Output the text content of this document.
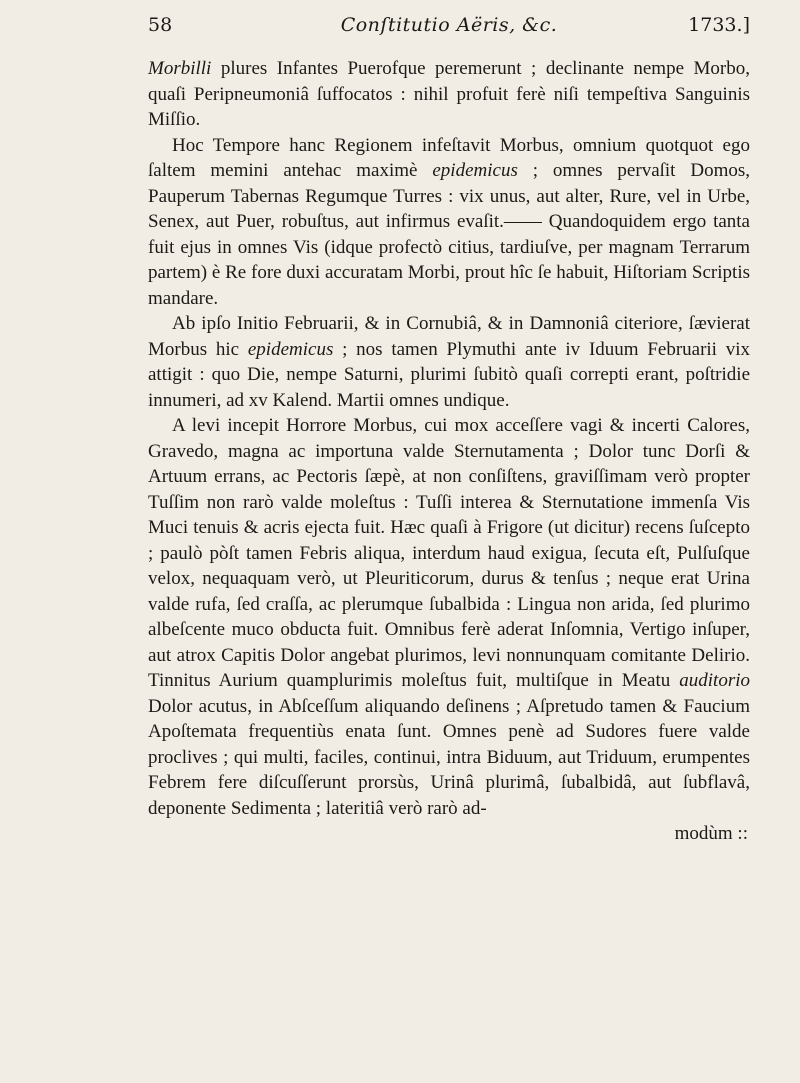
58	Conſtitutio Aëris, &c.	1733.]

Morbilli plures Infantes Puerofque peremerunt ; declinante nempe Morbo, quaſi Peripneumoniâ ſuffocatos : nihil profuit ferè niſi tempeſtiva Sanguinis Miſſio.

Hoc Tempore hanc Regionem infeſtavit Morbus, omnium quotquot ego ſaltem memini antehac maximè epidemicus ; omnes pervaſit Domos, Pauperum Tabernas Regumque Turres : vix unus, aut alter, Rure, vel in Urbe, Senex, aut Puer, robuſtus, aut infirmus evaſit.—— Quandoquidem ergo tanta fuit ejus in omnes Vis (idque profectò citius, tardiuſve, per magnam Terrarum partem) è Re fore duxi accuratam Morbi, prout hîc ſe habuit, Hiſtoriam Scriptis mandare.

Ab ipſo Initio Februarii, & in Cornubiâ, & in Damnoniâ citeriore, ſævierat Morbus hic epidemicus ; nos tamen Plymuthi ante iv Iduum Februarii vix attigit : quo Die, nempe Saturni, plurimi ſubitò quaſi correpti erant, poſtridie innumeri, ad xv Kalend. Martii omnes undique.

A levi incepit Horrore Morbus, cui mox acceſſere vagi & incerti Calores, Gravedo, magna ac importuna valde Sternutamenta ; Dolor tunc Dorſi & Artuum errans, ac Pectoris ſæpè, at non conſiſtens, graviſſimam verò propter Tuſſim non rarò valde moleſtus : Tuſſi interea & Sternutatione immenſa Vis Muci tenuis & acris ejecta fuit. Hæc quaſi à Frigore (ut dicitur) recens ſuſcepto ; paulò pòſt tamen Febris aliqua, interdum haud exigua, ſecuta eſt, Pulſuſque velox, nequaquam verò, ut Pleuriticorum, durus & tenſus ; neque erat Urina valde rufa, ſed craſſa, ac plerumque ſubalbida : Lingua non arida, ſed plurimo albeſcente muco obducta fuit. Omnibus ferè aderat Inſomnia, Vertigo inſuper, aut atrox Capitis Dolor angebat plurimos, levi nonnunquam comitante Delirio. Tinnitus Aurium quamplurimis moleſtus fuit, multiſque in Meatu auditorio Dolor acutus, in Abſceſſum aliquando deſinens ; Aſpretudo tamen & Faucium Apoſtemata frequentiùs enata ſunt. Omnes penè ad Sudores fuere valde proclives ; qui multi, faciles, continui, intra Biduum, aut Triduum, erumpentes Febrem fere diſcuſſerunt prorsùs, Urinâ plurimâ, ſubalbidâ, aut ſubflavâ, deponente Sedimenta ; lateritiâ verò rarò ad-

modùm ::
